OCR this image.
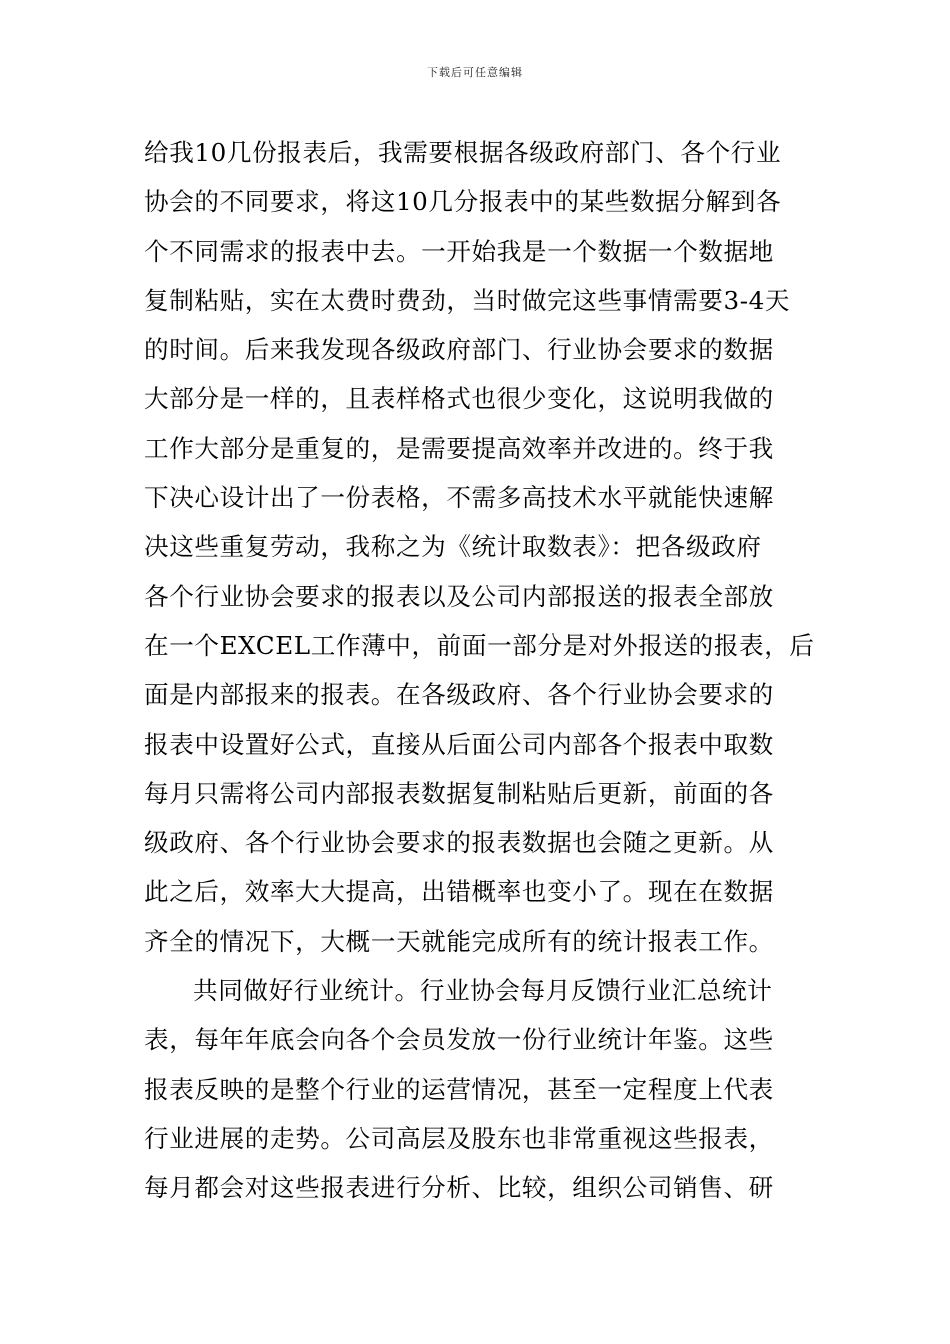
下载后可任意编辑
给我10几份报表后，我需要根据各级政府部门、各个行业
协会的不同要求，将这10几分报表中的某些数据分解到各
个不同需求的报表中去。一开始我是一个数据一个数据地
复制粘贴，实在太费时费劲，当时做完这些事情需要3-4天
的时间。后来我发现各级政府部门、行业协会要求的数据
大部分是一样的，且表样格式也很少变化，这说明我做的
工作大部分是重复的，是需要提高效率并改进的。终于我
下决心设计出了一份表格，不需多高技术水平就能快速解
决这些重复劳动，我称之为《统计取数表》：把各级政府
各个行业协会要求的报表以及公司内部报送的报表全部放
在一个EXCEL工作薄中，前面一部分是对外报送的报表，后
面是内部报来的报表。在各级政府、各个行业协会要求的
报表中设置好公式，直接从后面公司内部各个报表中取数
每月只需将公司内部报表数据复制粘贴后更新，前面的各
级政府、各个行业协会要求的报表数据也会随之更新。从
此之后，效率大大提高，出错概率也变小了。现在在数据
齐全的情况下，大概一天就能完成所有的统计报表工作。
共同做好行业统计。行业协会每月反馈行业汇总统计
表，每年年底会向各个会员发放一份行业统计年鉴。这些
报表反映的是整个行业的运营情况，甚至一定程度上代表
行业进展的走势。公司高层及股东也非常重视这些报表，
每月都会对这些报表进行分析、比较，组织公司销售、研
